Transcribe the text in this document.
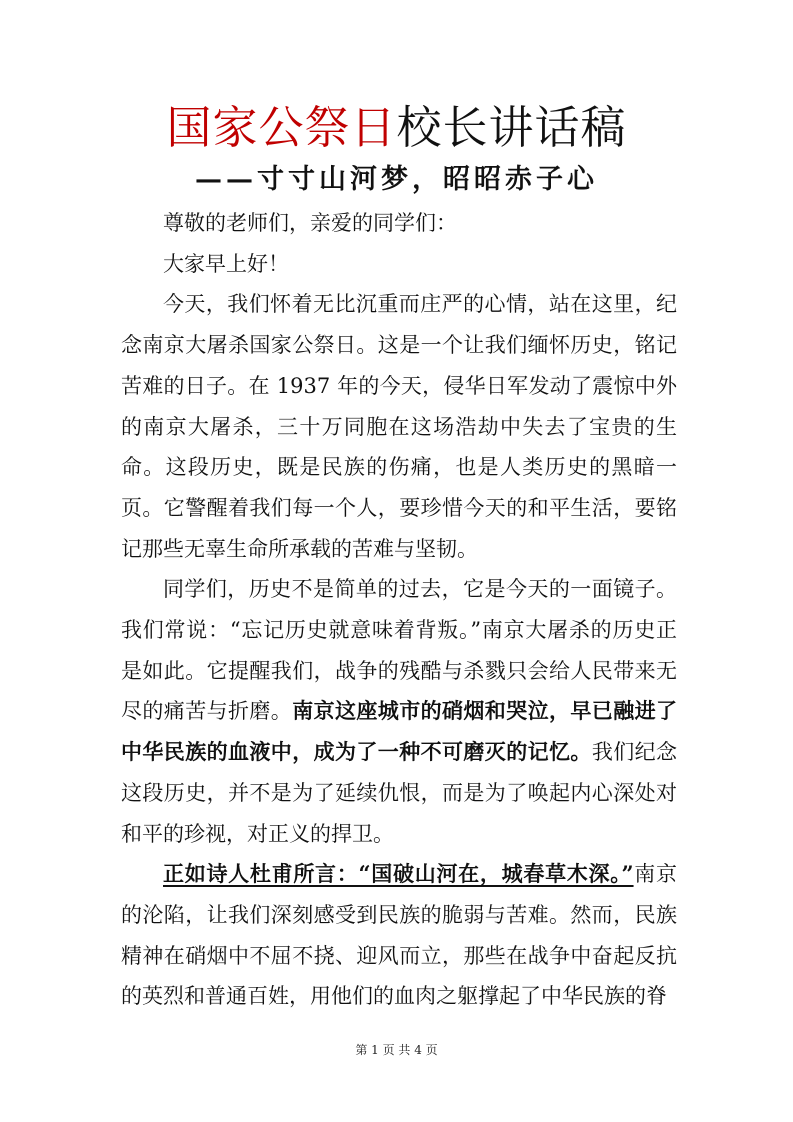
国家公祭日校长讲话稿
——寸寸山河梦，昭昭赤子心

尊敬的老师们，亲爱的同学们：

大家早上好！

今天，我们怀着无比沉重而庄严的心情，站在这里，纪念南京大屠杀国家公祭日。这是一个让我们缅怀历史，铭记苦难的日子。在 1937 年的今天，侵华日军发动了震惊中外的南京大屠杀，三十万同胞在这场浩劫中失去了宝贵的生命。这段历史，既是民族的伤痛，也是人类历史的黑暗一页。它警醒着我们每一个人，要珍惜今天的和平生活，要铭记那些无辜生命所承载的苦难与坚韧。

同学们，历史不是简单的过去，它是今天的一面镜子。我们常说：“忘记历史就意味着背叛。”南京大屠杀的历史正是如此。它提醒我们，战争的残酷与杀戮只会给人民带来无尽的痛苦与折磨。南京这座城市的硝烟和哭泣，早已融进了中华民族的血液中，成为了一种不可磨灭的记忆。我们纪念这段历史，并不是为了延续仇恨，而是为了唤起内心深处对和平的珍视，对正义的捍卫。

正如诗人杜甫所言：“国破山河在，城春草木深。”南京的沦陷，让我们深刻感受到民族的脆弱与苦难。然而，民族精神在硝烟中不屈不挠、迎风而立，那些在战争中奋起反抗的英烈和普通百姓，用他们的血肉之躯撑起了中华民族的脊

第 1 页 共 4 页
